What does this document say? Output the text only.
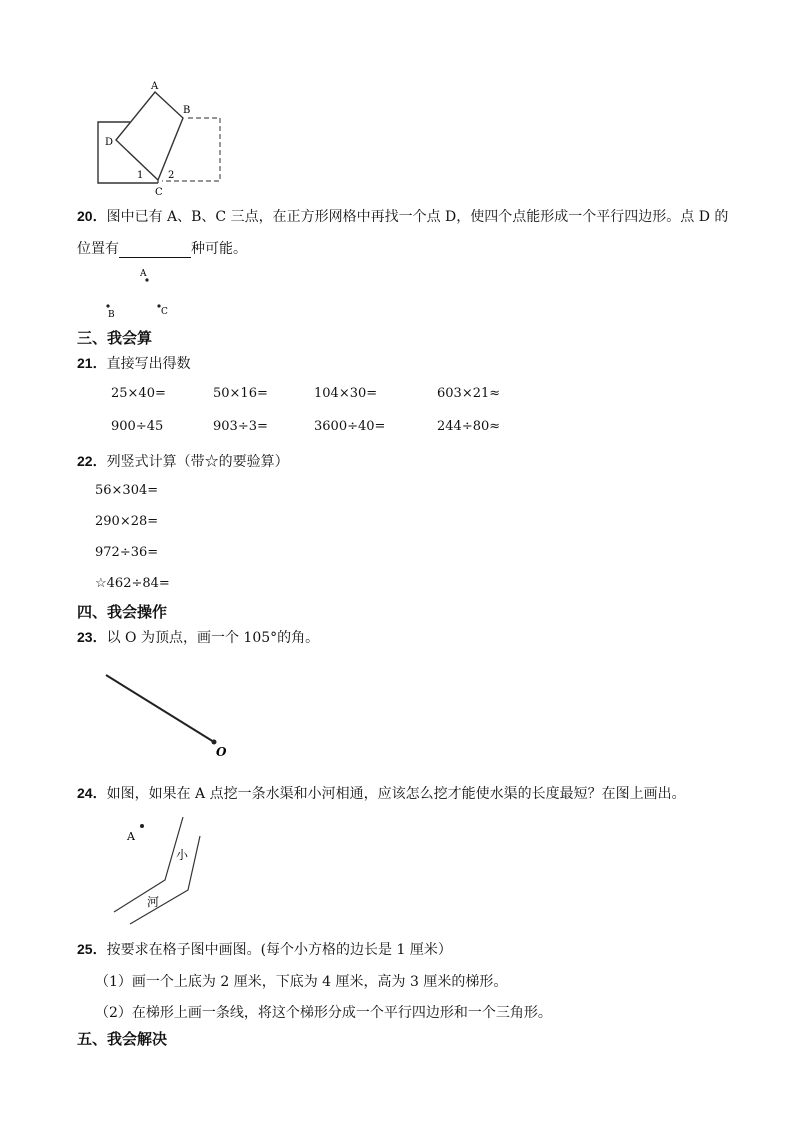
A
B
C
D
1 2
20．图中已有 A、B、C 三点，在正方形网格中再找一个点 D，使四个点能形成一个平行四边形。点 D 的
位置有	种可能。
A
B	C
三、我会算
21．直接写出得数
25×40=	50×16=	104×30=	603×21≈
900÷45	903÷3=	3600÷40=	244÷80≈
22．列竖式计算（带☆的要验算）
56×304=
290×28=
972÷36=
☆462÷84=
四、我会操作
23．以 O 为顶点，画一个 105°的角。
O
24．如图，如果在 A 点挖一条水渠和小河相通，应该怎么挖才能使水渠的长度最短？在图上画出。
A
小
河
25．按要求在格子图中画图。(每个小方格的边长是 1 厘米）
（1）画一个上底为 2 厘米，下底为 4 厘米，高为 3 厘米的梯形。
（2）在梯形上画一条线，将这个梯形分成一个平行四边形和一个三角形。
五、我会解决
